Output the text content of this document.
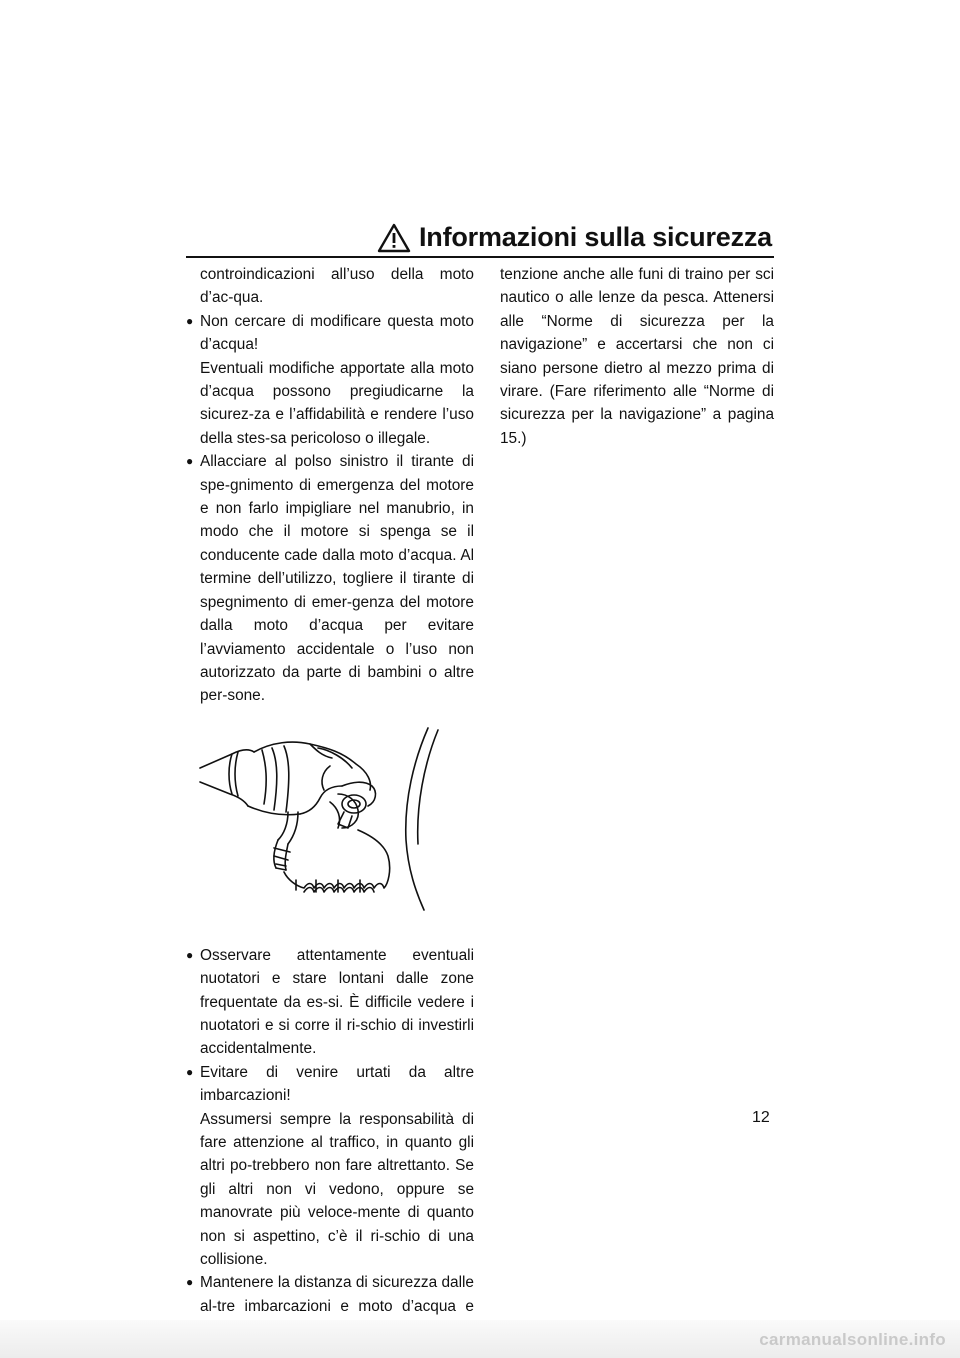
Informazioni sulla sicurezza

controindicazioni all’uso della moto d’ac-qua.

● Non cercare di modificare questa moto d’acqua!

Eventuali modifiche apportate alla moto d’acqua possono pregiudicarne la sicurez-za e l’affidabilità e rendere l’uso della stes-sa pericoloso o illegale.

● Allacciare al polso sinistro il tirante di spe-gnimento di emergenza del motore e non farlo impigliare nel manubrio, in modo che il motore si spenga se il conducente cade dalla moto d’acqua. Al termine dell’utilizzo, togliere il tirante di spegnimento di emer-genza del motore dalla moto d’acqua per evitare l’avviamento accidentale o l’uso non autorizzato da parte di bambini o altre per-sone.

● Osservare attentamente eventuali nuotatori e stare lontani dalle zone frequentate da es-si. È difficile vedere i nuotatori e si corre il ri-schio di investirli accidentalmente.

● Evitare di venire urtati da altre imbarcazioni!

Assumersi sempre la responsabilità di fare attenzione al traffico, in quanto gli altri po-trebbero non fare altrettanto. Se gli altri non vi vedono, oppure se manovrate più veloce-mente di quanto non si aspettino, c’è il ri-schio di una collisione.

● Mantenere la distanza di sicurezza dalle al-tre imbarcazioni e moto d’acqua e

tenzione anche alle funi di traino per sci nautico o alle lenze da pesca. Attenersi alle “Norme di sicurezza per la navigazione” e accertarsi che non ci siano persone dietro al mezzo prima di virare. (Fare riferimento alle “Norme di sicurezza per la navigazione” a pagina 15.)

12
carmanualsonline.info
